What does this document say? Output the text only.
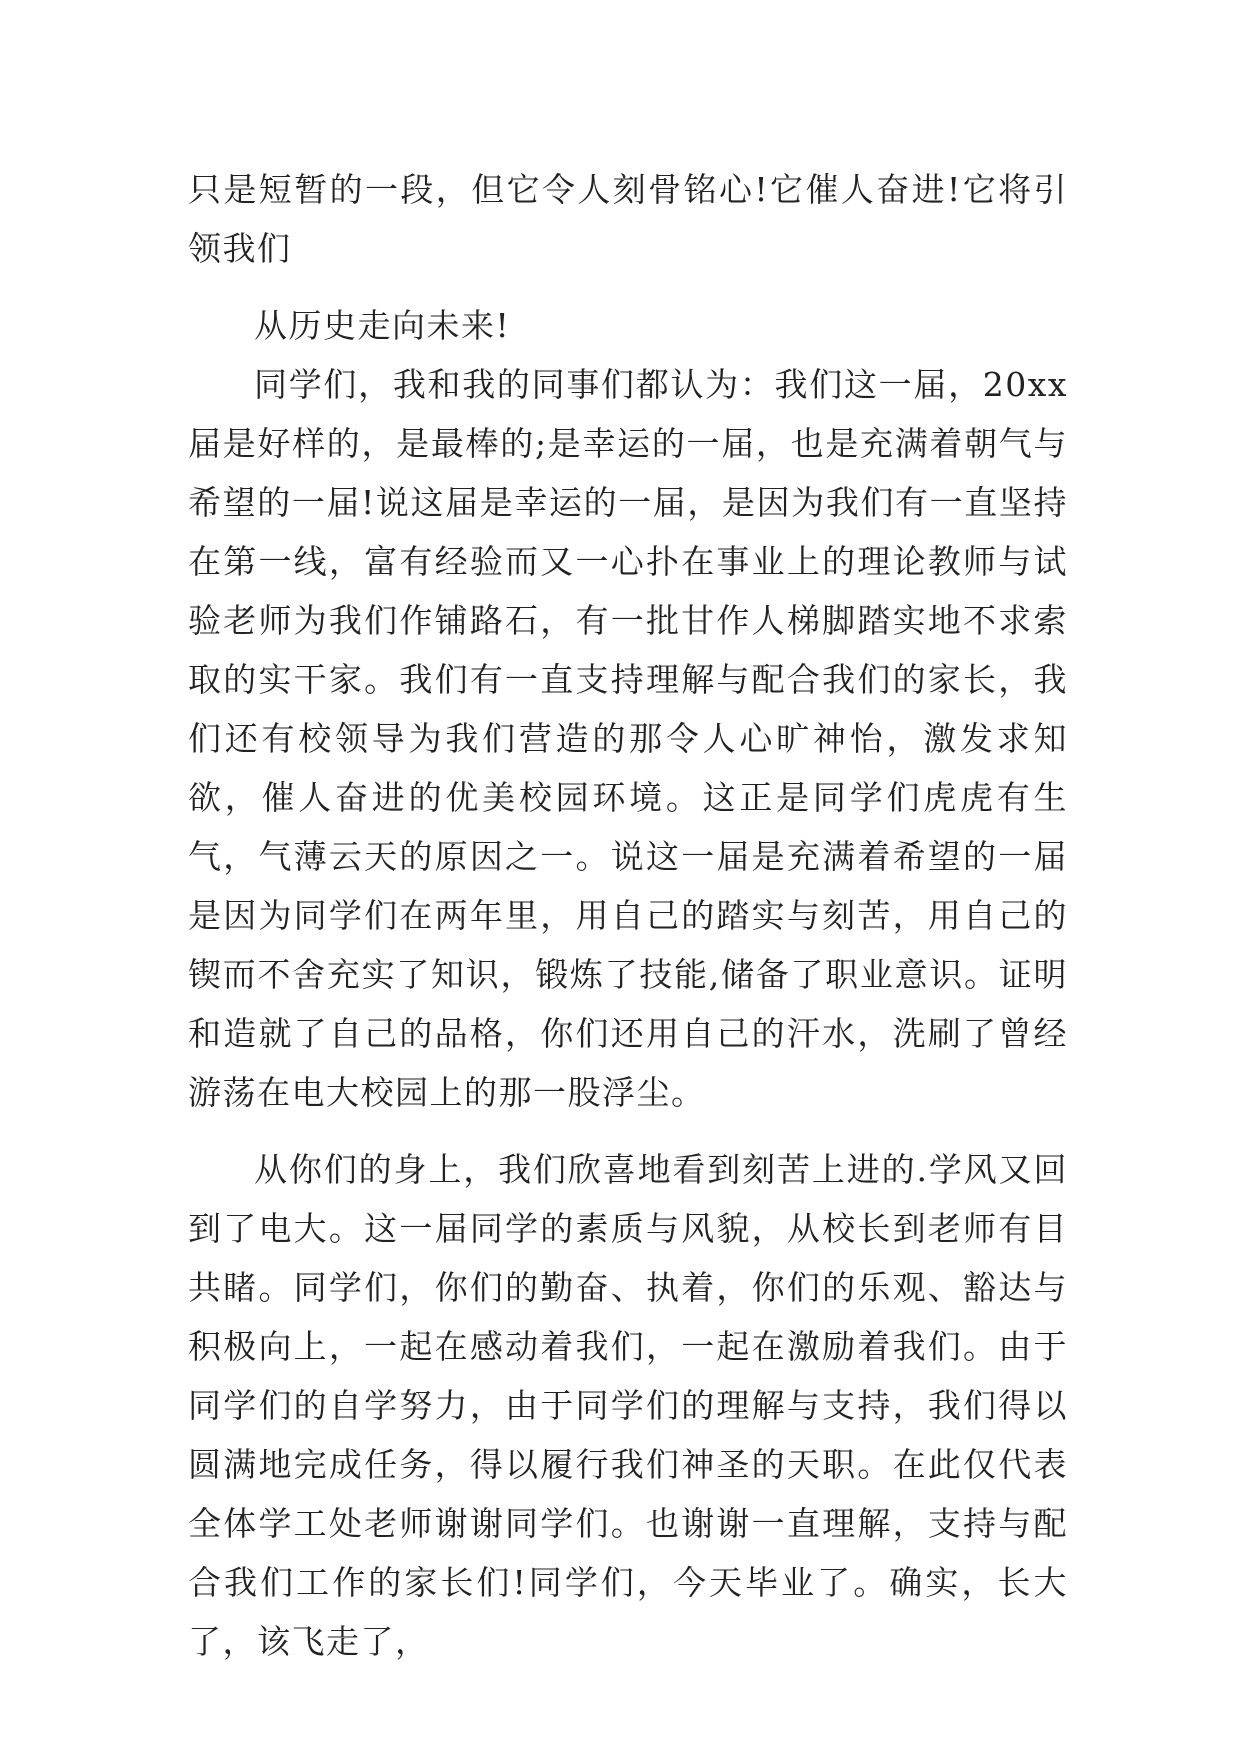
只是短暂的一段，但它令人刻骨铭心!它催人奋进!它将引领我们

从历史走向未来!

同学们，我和我的同事们都认为：我们这一届，20xx届是好样的，是最棒的;是幸运的一届，也是充满着朝气与希望的一届!说这届是幸运的一届，是因为我们有一直坚持在第一线，富有经验而又一心扑在事业上的理论教师与试验老师为我们作铺路石，有一批甘作人梯脚踏实地不求索取的实干家。我们有一直支持理解与配合我们的家长，我们还有校领导为我们营造的那令人心旷神怡，激发求知欲，催人奋进的优美校园环境。这正是同学们虎虎有生气，气薄云天的原因之一。说这一届是充满着希望的一届是因为同学们在两年里，用自己的踏实与刻苦，用自己的锲而不舍充实了知识，锻炼了技能,储备了职业意识。证明和造就了自己的品格，你们还用自己的汗水，洗刷了曾经游荡在电大校园上的那一股浮尘。

从你们的身上，我们欣喜地看到刻苦上进的.学风又回到了电大。这一届同学的素质与风貌，从校长到老师有目共睹。同学们，你们的勤奋、执着，你们的乐观、豁达与积极向上，一起在感动着我们，一起在激励着我们。由于同学们的自学努力，由于同学们的理解与支持，我们得以圆满地完成任务，得以履行我们神圣的天职。在此仅代表全体学工处老师谢谢同学们。也谢谢一直理解，支持与配合我们工作的家长们!同学们，今天毕业了。确实，长大了，该飞走了，
